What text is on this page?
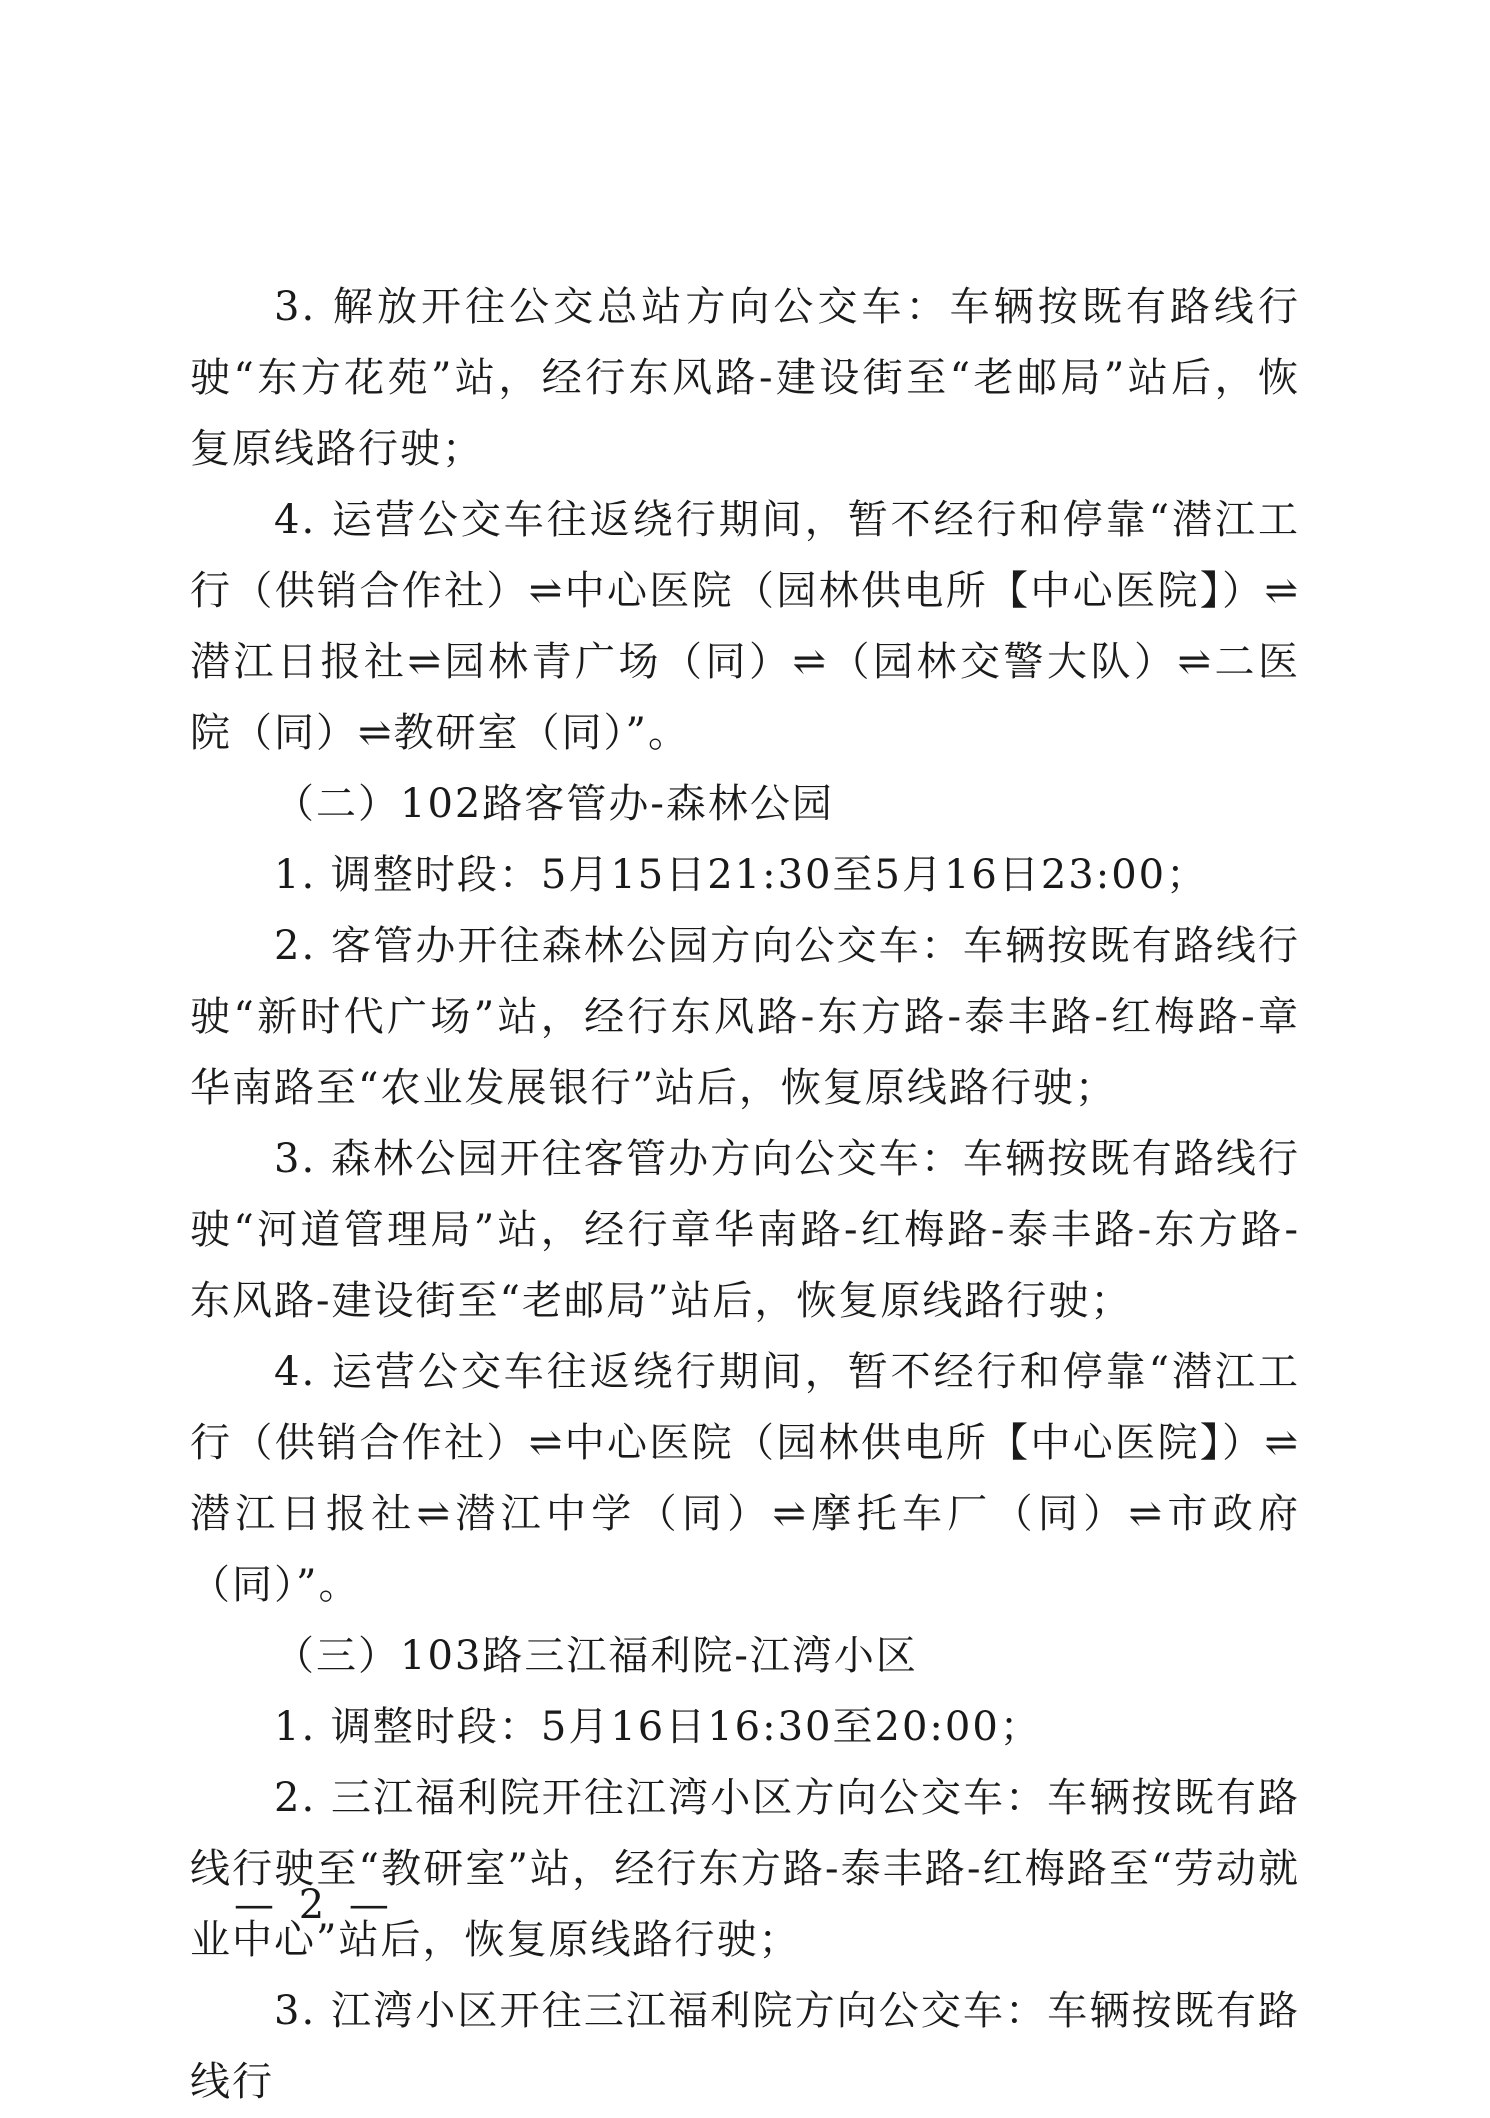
3. 解放开往公交总站方向公交车：车辆按既有路线行驶“东方花苑”站，经行东风路-建设街至“老邮局”站后，恢复原线路行驶；

4. 运营公交车往返绕行期间，暂不经行和停靠“潜江工行（供销合作社）⇌中心医院（园林供电所【中心医院】）⇌潜江日报社⇌园林青广场（同）⇌（园林交警大队）⇌二医院（同）⇌教研室（同）”。

（二）102路客管办-森林公园

1. 调整时段：5月15日21:30至5月16日23:00；

2. 客管办开往森林公园方向公交车：车辆按既有路线行驶“新时代广场”站，经行东风路-东方路-泰丰路-红梅路-章华南路至“农业发展银行”站后，恢复原线路行驶；

3. 森林公园开往客管办方向公交车：车辆按既有路线行驶“河道管理局”站，经行章华南路-红梅路-泰丰路-东方路-东风路-建设街至“老邮局”站后，恢复原线路行驶；

4. 运营公交车往返绕行期间，暂不经行和停靠“潜江工行（供销合作社）⇌中心医院（园林供电所【中心医院】）⇌潜江日报社⇌潜江中学（同）⇌摩托车厂（同）⇌市政府（同）”。

（三）103路三江福利院-江湾小区

1. 调整时段：5月16日16:30至20:00；

2. 三江福利院开往江湾小区方向公交车：车辆按既有路线行驶至“教研室”站，经行东方路-泰丰路-红梅路至“劳动就业中心”站后，恢复原线路行驶；

3. 江湾小区开往三江福利院方向公交车：车辆按既有路线行

— 2 —
